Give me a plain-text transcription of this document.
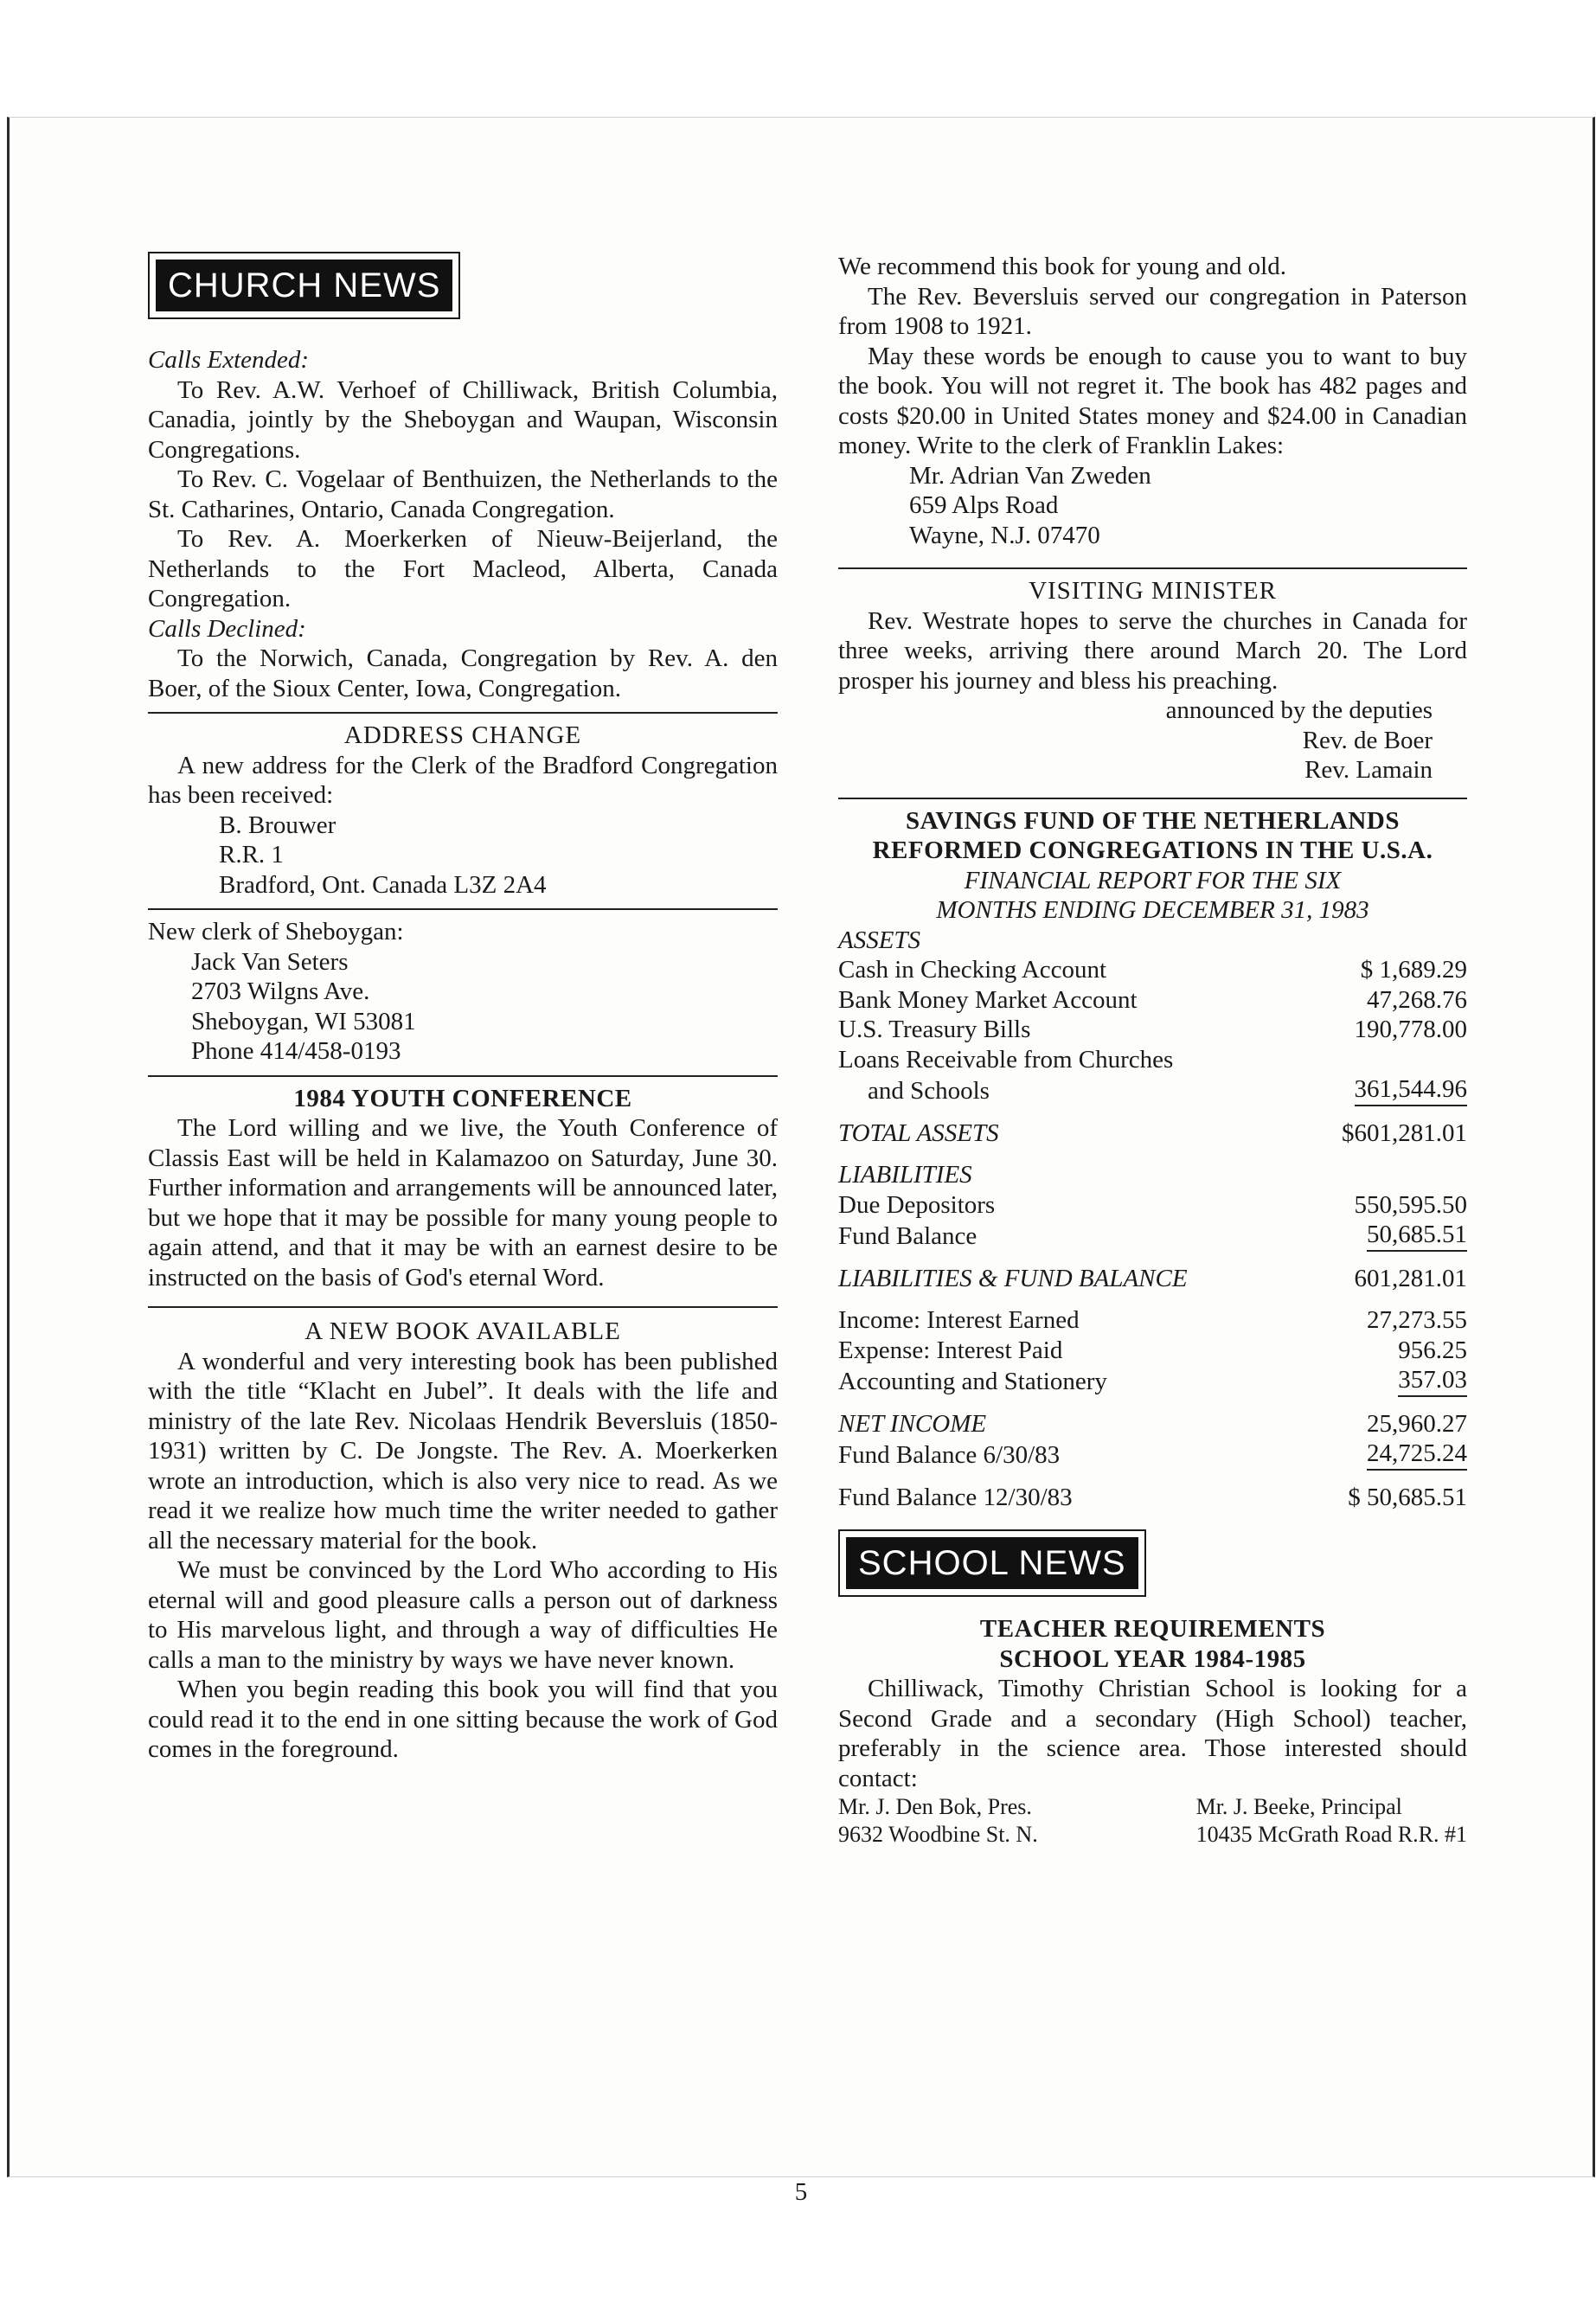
CHURCH NEWS

Calls Extended:

To Rev. A.W. Verhoef of Chilliwack, British Columbia, Canadia, jointly by the Sheboygan and Waupan, Wisconsin Congregations.

To Rev. C. Vogelaar of Benthuizen, the Netherlands to the St. Catharines, Ontario, Canada Congregation.

To Rev. A. Moerkerken of Nieuw-Beijerland, the Netherlands to the Fort Macleod, Alberta, Canada Congregation.

Calls Declined:

To the Norwich, Canada, Congregation by Rev. A. den Boer, of the Sioux Center, Iowa, Congregation.

ADDRESS CHANGE

A new address for the Clerk of the Bradford Congregation has been received:

B. Brouwer

R.R. 1

Bradford, Ont. Canada L3Z 2A4

New clerk of Sheboygan:

Jack Van Seters

2703 Wilgns Ave.

Sheboygan, WI 53081

Phone 414/458-0193

1984 YOUTH CONFERENCE

The Lord willing and we live, the Youth Conference of Classis East will be held in Kalamazoo on Saturday, June 30. Further information and arrangements will be announced later, but we hope that it may be possible for many young people to again attend, and that it may be with an earnest desire to be instructed on the basis of God's eternal Word.

A NEW BOOK AVAILABLE

A wonderful and very interesting book has been published with the title “Klacht en Jubel”. It deals with the life and ministry of the late Rev. Nicolaas Hendrik Beversluis (1850-1931) written by C. De Jongste. The Rev. A. Moerkerken wrote an introduction, which is also very nice to read. As we read it we realize how much time the writer needed to gather all the necessary material for the book.

We must be convinced by the Lord Who according to His eternal will and good pleasure calls a person out of darkness to His marvelous light, and through a way of difficulties He calls a man to the ministry by ways we have never known.

When you begin reading this book you will find that you could read it to the end in one sitting because the work of God comes in the foreground.

We recommend this book for young and old.

The Rev. Beversluis served our congregation in Paterson from 1908 to 1921.

May these words be enough to cause you to want to buy the book. You will not regret it. The book has 482 pages and costs $20.00 in United States money and $24.00 in Canadian money. Write to the clerk of Franklin Lakes:

Mr. Adrian Van Zweden

659 Alps Road

Wayne, N.J. 07470

VISITING MINISTER

Rev. Westrate hopes to serve the churches in Canada for three weeks, arriving there around March 20. The Lord prosper his journey and bless his preaching.

announced by the deputies

Rev. de Boer

Rev. Lamain

SAVINGS FUND OF THE NETHERLANDS

REFORMED CONGREGATIONS IN THE U.S.A.

FINANCIAL REPORT FOR THE SIX

MONTHS ENDING DECEMBER 31, 1983

ASSETS

Cash in Checking Account	$ 1,689.29
Bank Money Market Account	47,268.76
U.S. Treasury Bills	190,778.00

Loans Receivable from Churches

and Schools	361,544.96
TOTAL ASSETS	$601,281.01

LIABILITIES

Due Depositors	550,595.50
Fund Balance	50,685.51
LIABILITIES & FUND BALANCE	601,281.01
Income: Interest Earned	27,273.55
Expense: Interest Paid	956.25
Accounting and Stationery	357.03
NET INCOME	25,960.27
Fund Balance 6/30/83	24,725.24
Fund Balance 12/30/83	$ 50,685.51
SCHOOL NEWS

TEACHER REQUIREMENTS

SCHOOL YEAR 1984-1985

Chilliwack, Timothy Christian School is looking for a Second Grade and a secondary (High School) teacher, preferably in the science area. Those interested should contact:

Mr. J. Den Bok, Pres.

9632 Woodbine St. N.

Mr. J. Beeke, Principal

10435 McGrath Road R.R. #1

5
